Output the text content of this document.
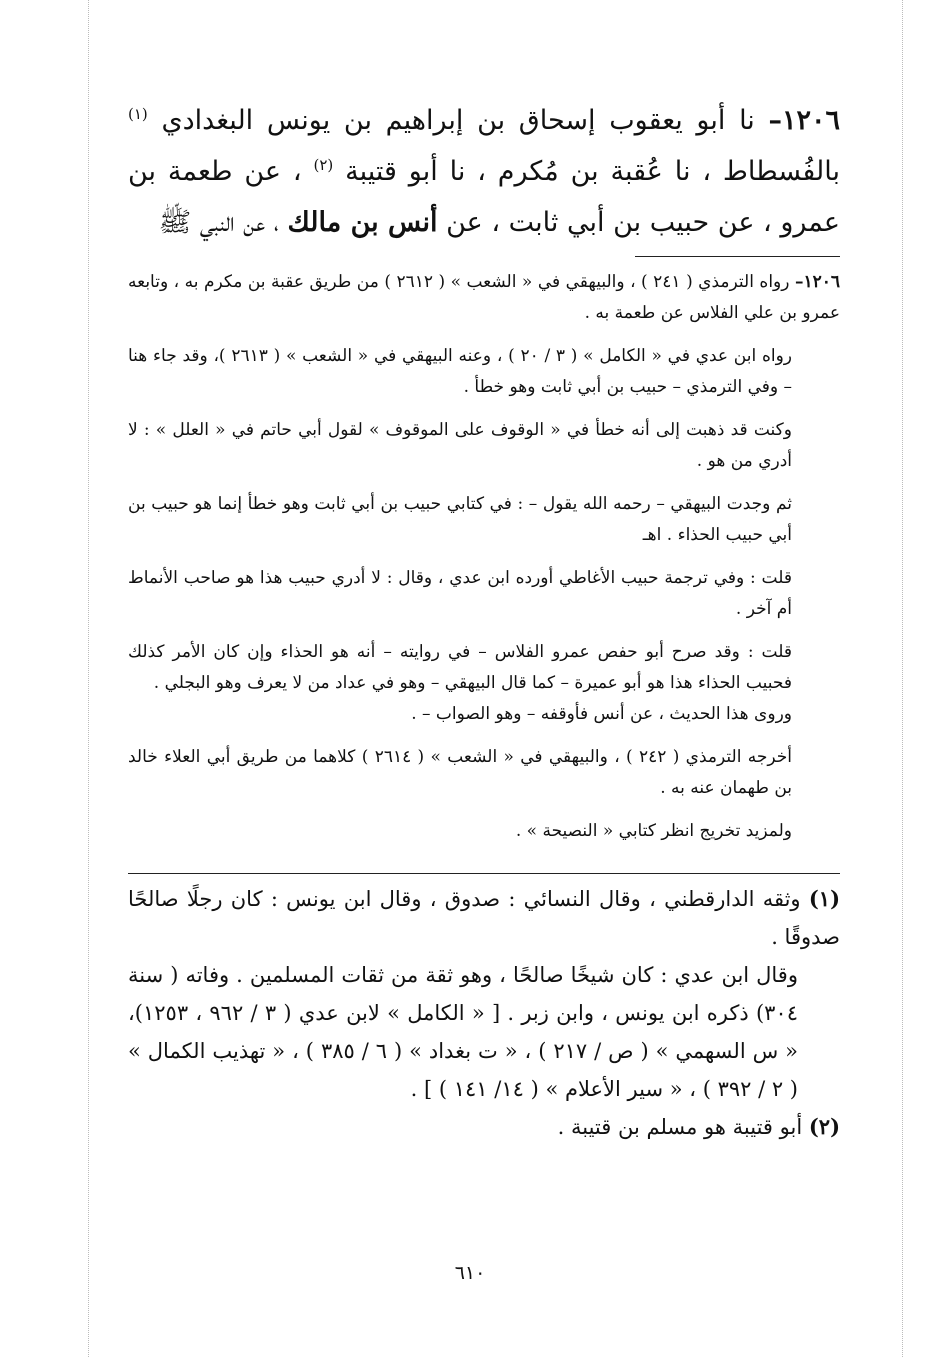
١٢٠٦– نا أبو يعقوب إسحاق بن إبراهيم بن يونس البغدادي $^{(١)}$ بالفُسطاط ، نا عُقبة بن مُكرم ، نا أبو قتيبة $^{(٢)}$ ، عن طعمة بن عمرو ، عن حبيب بن أبي ثابت ، عن أنس بن مالك ، عن النبي ﷺ

١٢٠٦– رواه الترمذي ( ٢٤١ ) ، والبيهقي في « الشعب » ( ٢٦١٢ ) من طريق عقبة بن مكرم به ، وتابعه عمرو بن علي الفلاس عن طعمة به .

رواه ابن عدي في « الكامل » ( ٣ / ٢٠ ) ، وعنه البيهقي في « الشعب » ( ٢٦١٣ )، وقد جاء هنا – وفي الترمذي – حبيب بن أبي ثابت وهو خطأ .

وكنت قد ذهبت إلى أنه خطأ في « الوقوف على الموقوف » لقول أبي حاتم في « العلل » : لا أدري من هو .

ثم وجدت البيهقي – رحمه الله يقول – : في كتابي حبيب بن أبي ثابت وهو خطأ إنما هو حبيب بن أبي حبيب الحذاء . اهـ

قلت : وفي ترجمة حبيب الأغاطي أورده ابن عدي ، وقال : لا أدري حبيب هذا هو صاحب الأنماط أم آخر .

قلت : وقد صرح أبو حفص عمرو الفلاس – في روايته – أنه هو الحذاء وإن كان الأمر كذلك فحبيب الحذاء هذا هو أبو عميرة – كما قال البيهقي – وهو في عداد من لا يعرف وهو البجلي .

وروى هذا الحديث ، عن أنس فأوقفه – وهو الصواب – .

أخرجه الترمذي ( ٢٤٢ ) ، والبيهقي في « الشعب » ( ٢٦١٤ ) كلاهما من طريق أبي العلاء خالد بن طهمان عنه به .

ولمزيد تخريج انظر كتابي « النصيحة » .

(١) وثقه الدارقطني ، وقال النسائي : صدوق ، وقال ابن يونس : كان رجلًا صالحًا صدوقًا .

وقال ابن عدي : كان شيخًا صالحًا ، وهو ثقة من ثقات المسلمين . وفاته ( سنة ٣٠٤) ذكره ابن يونس ، وابن زبر . [ « الكامل » لابن عدي ( ٣ / ٩٦٢ ، ١٢٥٣)، « س السهمي » ( ص / ٢١٧ ) ، « ت بغداد » ( ٦ / ٣٨٥ ) ، « تهذيب الكمال » ( ٢ / ٣٩٢ ) ، « سير الأعلام » ( ١٤/ ١٤١ ) ] .

(٢) أبو قتيبة هو مسلم بن قتيبة .

٦١٠
